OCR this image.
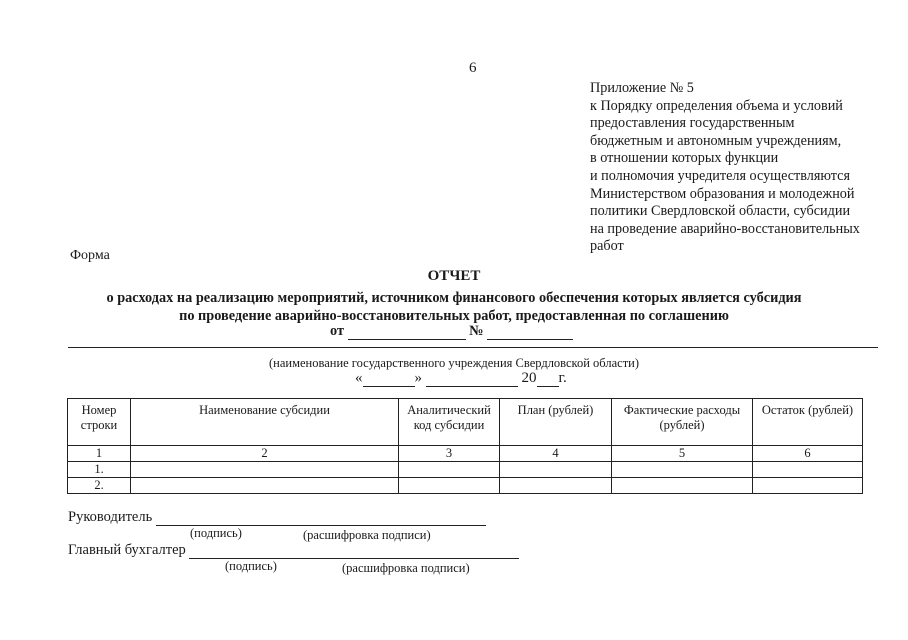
6
Приложение № 5
к Порядку определения объема и условий
предоставления государственным
бюджетным и автономным учреждениям,
в отношении которых функции
и полномочия учредителя осуществляются
Министерством образования и молодежной
политики Свердловской области, субсидии
на проведение аварийно-восстановительных
работ
Форма
ОТЧЕТ
о расходах на реализацию мероприятий, источником финансового обеспечения которых является субсидия
по проведение аварийно-восстановительных работ, предоставленная по соглашению
от	№
(наименование государственного учреждения Свердловской области)
«	»	20 г.
Номер строки	Наименование субсидии	Аналитический код субсидии	План (рублей)	Фактические расходы (рублей)	Остаток (рублей)
1	2	3	4	5	6
1.					
2.					
Руководитель
(подпись)	(расшифровка подписи)
Главный бухгалтер
(подпись)	(расшифровка подписи)
